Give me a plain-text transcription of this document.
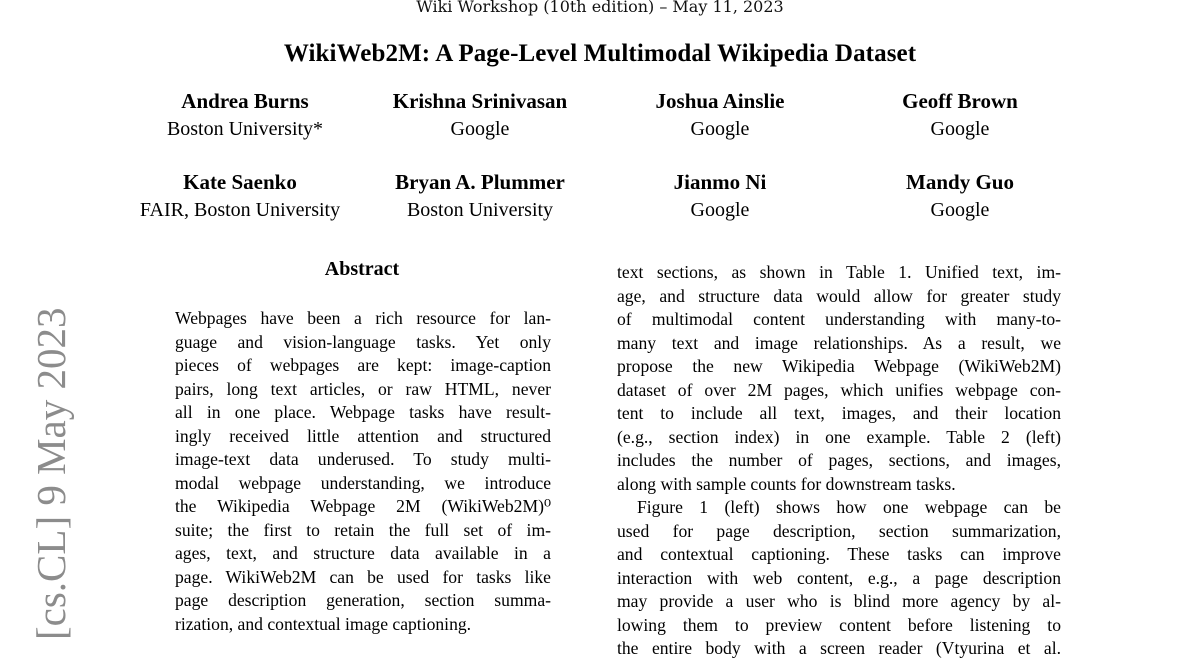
Wiki Workshop (10th edition) – May 11, 2023
WikiWeb2M: A Page-Level Multimodal Wikipedia Dataset
Andrea Burns
Boston University*
Krishna Srinivasan
Google
Joshua Ainslie
Google
Geoff Brown
Google
Kate Saenko
FAIR, Boston University
Bryan A. Plummer
Boston University
Jianmo Ni
Google
Mandy Guo
Google
[cs.CL] 9 May 2023
Abstract
Webpages have been a rich resource for lan-
guage and vision-language tasks. Yet only
pieces of webpages are kept: image-caption
pairs, long text articles, or raw HTML, never
all in one place. Webpage tasks have result-
ingly received little attention and structured
image-text data underused. To study multi-
modal webpage understanding, we introduce
the Wikipedia Webpage 2M (WikiWeb2M)⁰
suite; the first to retain the full set of im-
ages, text, and structure data available in a
page. WikiWeb2M can be used for tasks like
page description generation, section summa-
rization, and contextual image captioning.
text sections, as shown in Table 1. Unified text, im-
age, and structure data would allow for greater study
of multimodal content understanding with many-to-
many text and image relationships. As a result, we
propose the new Wikipedia Webpage (WikiWeb2M)
dataset of over 2M pages, which unifies webpage con-
tent to include all text, images, and their location
(e.g., section index) in one example. Table 2 (left)
includes the number of pages, sections, and images,
along with sample counts for downstream tasks.
Figure 1 (left) shows how one webpage can be
used for page description, section summarization,
and contextual captioning. These tasks can improve
interaction with web content, e.g., a page description
may provide a user who is blind more agency by al-
lowing them to preview content before listening to
the entire body with a screen reader (Vtyurina et al.
